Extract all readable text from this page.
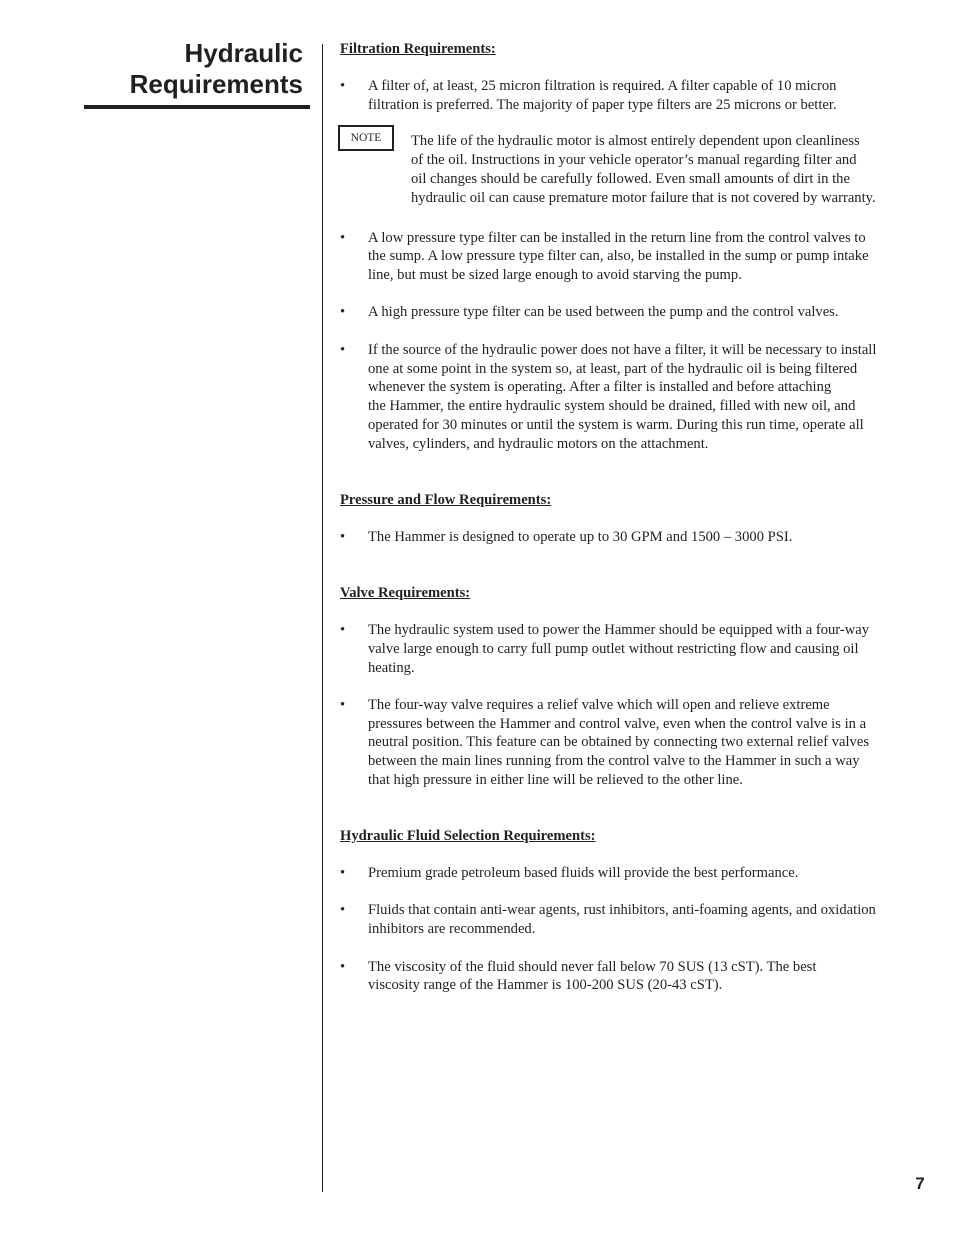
Hydraulic
Requirements

Filtration Requirements:

• A filter of, at least, 25 micron filtration is required. A filter capable of 10 micron
filtration is preferred. The majority of paper type filters are 25 microns or better.
NOTE	The life of the hydraulic motor is almost entirely dependent upon cleanliness
of the oil. Instructions in your vehicle operator’s manual regarding filter and
oil changes should be carefully followed. Even small amounts of dirt in the
hydraulic oil can cause premature motor failure that is not covered by warranty.
• A low pressure type filter can be installed in the return line from the control valves to
the sump. A low pressure type filter can, also, be installed in the sump or pump intake
line, but must be sized large enough to avoid starving the pump.
• A high pressure type filter can be used between the pump and the control valves.
• If the source of the hydraulic power does not have a filter, it will be necessary to install
one at some point in the system so, at least, part of the hydraulic oil is being filtered
whenever the system is operating. After a filter is installed and before attaching
the Hammer, the entire hydraulic system should be drained, filled with new oil, and
operated for 30 minutes or until the system is warm. During this run time, operate all
valves, cylinders, and hydraulic motors on the attachment.

Pressure and Flow Requirements:

• The Hammer is designed to operate up to 30 GPM and 1500 – 3000 PSI.

Valve Requirements:

• The hydraulic system used to power the Hammer should be equipped with a four-way
valve large enough to carry full pump outlet without restricting flow and causing oil
heating.
• The four-way valve requires a relief valve which will open and relieve extreme
pressures between the Hammer and control valve, even when the control valve is in a
neutral position. This feature can be obtained by connecting two external relief valves
between the main lines running from the control valve to the Hammer in such a way
that high pressure in either line will be relieved to the other line.

Hydraulic Fluid Selection Requirements:

• Premium grade petroleum based fluids will provide the best performance.
• Fluids that contain anti-wear agents, rust inhibitors, anti-foaming agents, and oxidation
inhibitors are recommended.
• The viscosity of the fluid should never fall below 70 SUS (13 cST). The best
viscosity range of the Hammer is 100-200 SUS (20-43 cST).
7
